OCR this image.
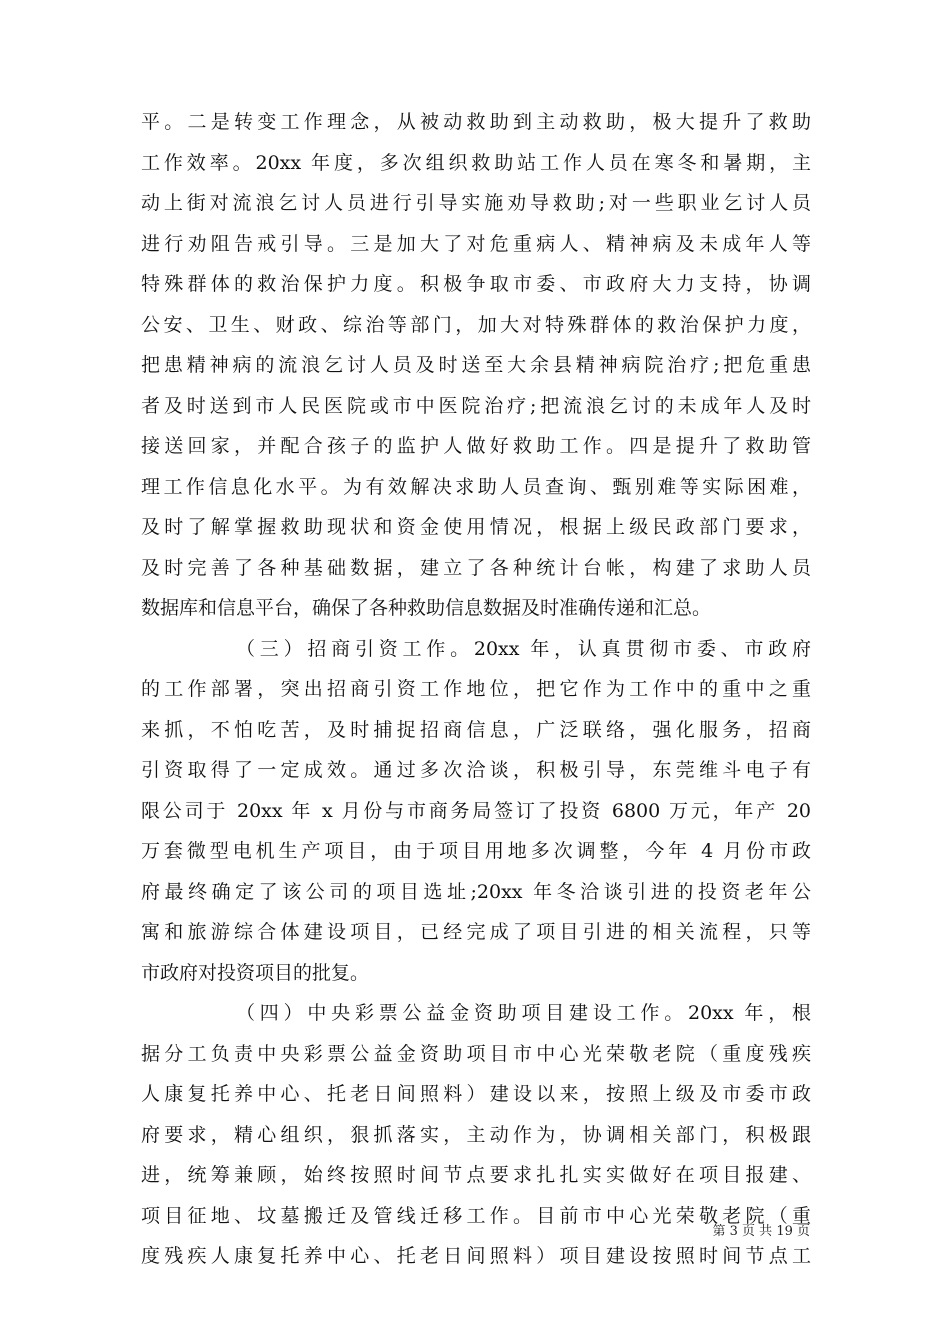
平。二是转变工作理念，从被动救助到主动救助，极大提升了救助
工作效率。20xx 年度，多次组织救助站工作人员在寒冬和暑期，主
动上街对流浪乞讨人员进行引导实施劝导救助;对一些职业乞讨人员
进行劝阻告戒引导。三是加大了对危重病人、精神病及未成年人等
特殊群体的救治保护力度。积极争取市委、市政府大力支持，协调
公安、卫生、财政、综治等部门，加大对特殊群体的救治保护力度，
把患精神病的流浪乞讨人员及时送至大余县精神病院治疗;把危重患
者及时送到市人民医院或市中医院治疗;把流浪乞讨的未成年人及时
接送回家，并配合孩子的监护人做好救助工作。四是提升了救助管
理工作信息化水平。为有效解决求助人员查询、甄别难等实际困难，
及时了解掌握救助现状和资金使用情况，根据上级民政部门要求，
及时完善了各种基础数据，建立了各种统计台帐，构建了求助人员
数据库和信息平台，确保了各种救助信息数据及时准确传递和汇总。
（三）招商引资工作。20xx 年，认真贯彻市委、市政府
的工作部署，突出招商引资工作地位，把它作为工作中的重中之重
来抓，不怕吃苦，及时捕捉招商信息，广泛联络，强化服务，招商
引资取得了一定成效。通过多次洽谈，积极引导，东莞维斗电子有
限公司于 20xx 年 x 月份与市商务局签订了投资 6800 万元，年产 20
万套微型电机生产项目，由于项目用地多次调整，今年 4 月份市政
府最终确定了该公司的项目选址;20xx 年冬洽谈引进的投资老年公
寓和旅游综合体建设项目，已经完成了项目引进的相关流程，只等
市政府对投资项目的批复。
（四）中央彩票公益金资助项目建设工作。20xx 年，根
据分工负责中央彩票公益金资助项目市中心光荣敬老院（重度残疾
人康复托养中心、托老日间照料）建设以来，按照上级及市委市政
府要求，精心组织，狠抓落实，主动作为，协调相关部门，积极跟
进，统筹兼顾，始终按照时间节点要求扎扎实实做好在项目报建、
项目征地、坟墓搬迁及管线迁移工作。目前市中心光荣敬老院（重
度残疾人康复托养中心、托老日间照料）项目建设按照时间节点工
第 3 页 共 19 页
